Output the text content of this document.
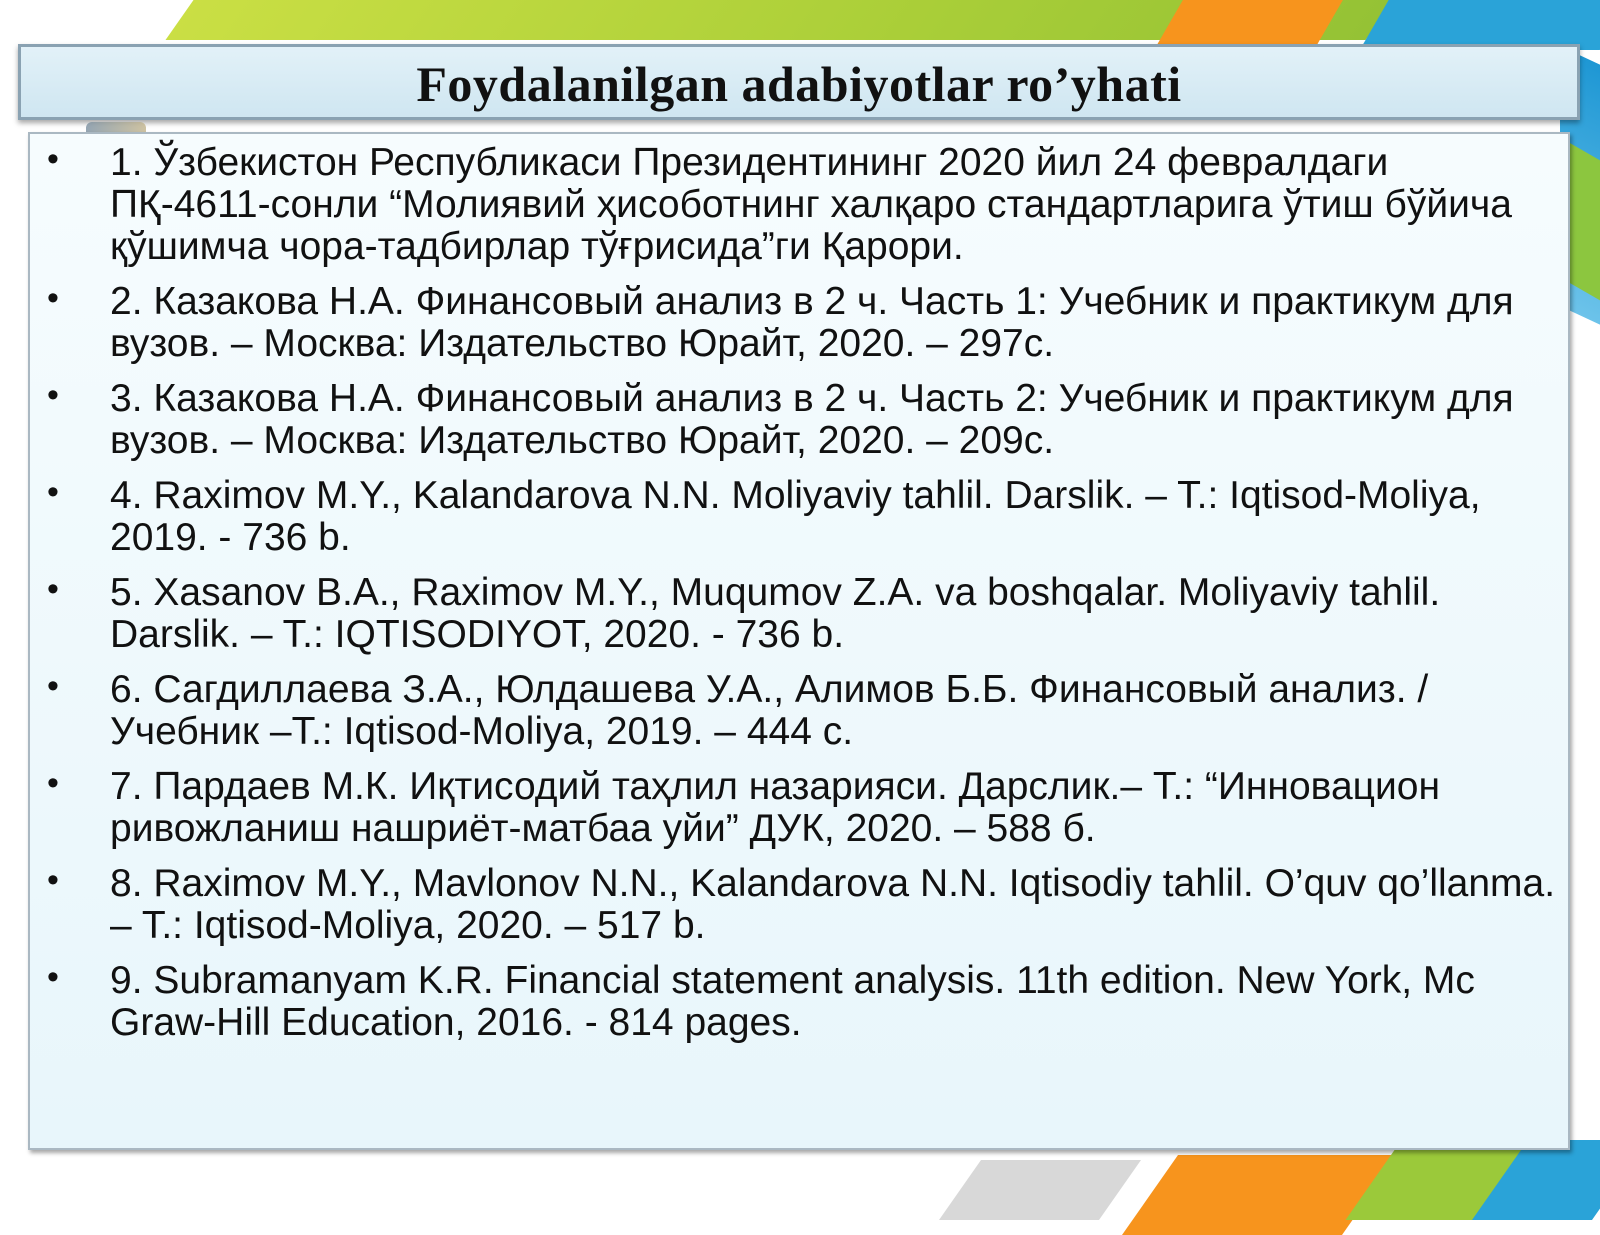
Foydalanilgan adabiyotlar ro’yhati
• 1. Ўзбекистон Республикаси Президентининг 2020 йил 24 февралдаги ПҚ-4611-сонли “Молиявий ҳисоботнинг халқаро стандартларига ўтиш бўйича қўшимча чора-тадбирлар тўғрисида”ги Қарори.
• 2. Казакова Н.А. Финансовый анализ в 2 ч. Часть 1: Учебник и практикум для вузов. – Москва: Издательство Юрайт, 2020. – 297с.
• 3. Казакова Н.А. Финансовый анализ в 2 ч. Часть 2: Учебник и практикум для вузов. – Москва: Издательство Юрайт, 2020. – 209с.
• 4. Raximov M.Y., Kalandarova N.N. Moliyaviy tahlil. Darslik. – T.: Iqtisod-Moliya, 2019. - 736 b.
• 5. Xasanov B.A., Raximov M.Y., Muqumov Z.A. va boshqalar. Moliyaviy tahlil. Darslik. – T.: IQTISODIYOT, 2020. - 736 b.
• 6. Сагдиллаева З.А., Юлдашева У.А., Алимов Б.Б. Финансовый анализ. / Учебник –Т.: Iqtisod-Moliya, 2019. – 444 с.
• 7. Пардаев М.К. Иқтисодий таҳлил назарияси. Дарслик.– Т.: “Инновацион ривожланиш нашриёт-матбаа уйи” ДУК, 2020. – 588 б.
• 8. Raximov M.Y., Mavlonov N.N., Kalandarova N.N. Iqtisodiy tahlil. O’quv qo’llanma. – T.: Iqtisod-Moliya, 2020. – 517 b.
• 9. Subramanyam K.R. Financial statement analysis. 11th edition. New York, Mc Graw-Hill Education, 2016. - 814 pages.
